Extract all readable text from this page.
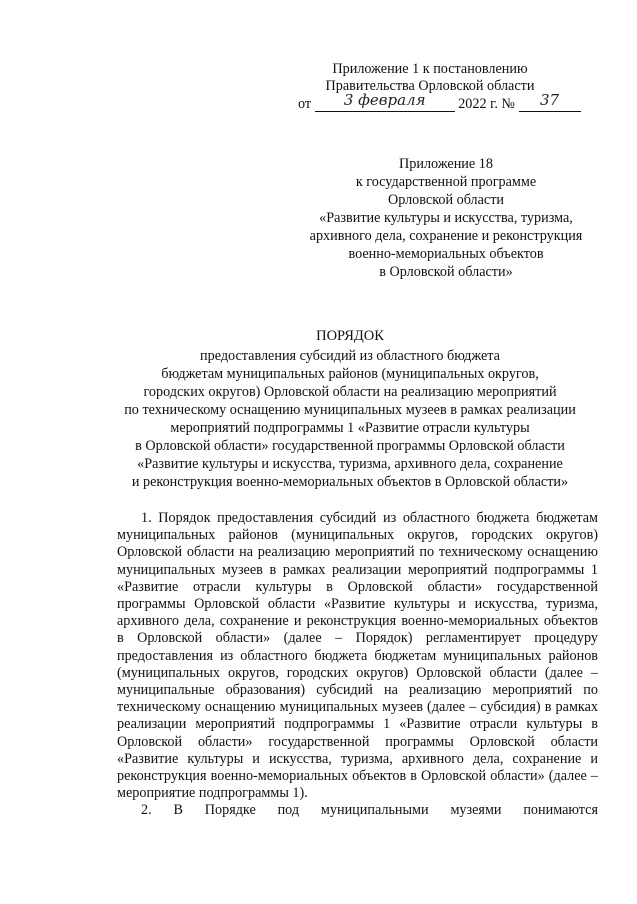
Приложение 1 к постановлению
Правительства Орловской области
от 3 февраля 2022 г. № 37
Приложение 18
к государственной программе
Орловской области
«Развитие культуры и искусства, туризма,
архивного дела, сохранение и реконструкция
военно-мемориальных объектов
в Орловской области»
ПОРЯДОК
предоставления субсидий из областного бюджета
бюджетам муниципальных районов (муниципальных округов,
городских округов) Орловской области на реализацию мероприятий
по техническому оснащению муниципальных музеев в рамках реализации
мероприятий подпрограммы 1 «Развитие отрасли культуры
в Орловской области» государственной программы Орловской области
«Развитие культуры и искусства, туризма, архивного дела, сохранение
и реконструкция военно-мемориальных объектов в Орловской области»

1. Порядок предоставления субсидий из областного бюджета бюджетам муниципальных районов (муниципальных округов, городских округов) Орловской области на реализацию мероприятий по техническому оснащению муниципальных музеев в рамках реализации мероприятий подпрограммы 1 «Развитие отрасли культуры в Орловской области» государственной программы Орловской области «Развитие культуры и искусства, туризма, архивного дела, сохранение и реконструкция военно-мемориальных объектов в Орловской области» (далее – Порядок) регламентирует процедуру предоставления из областного бюджета бюджетам муниципальных районов (муниципальных округов, городских округов) Орловской области (далее – муниципальные образования) субсидий на реализацию мероприятий по техническому оснащению муниципальных музеев (далее – субсидия) в рамках реализации мероприятий подпрограммы 1 «Развитие отрасли культуры в Орловской области» государственной программы Орловской области «Развитие культуры и искусства, туризма, архивного дела, сохранение и реконструкция военно-мемориальных объектов в Орловской области» (далее – мероприятие подпрограммы 1).

2. В Порядке под муниципальными музеями понимаются
